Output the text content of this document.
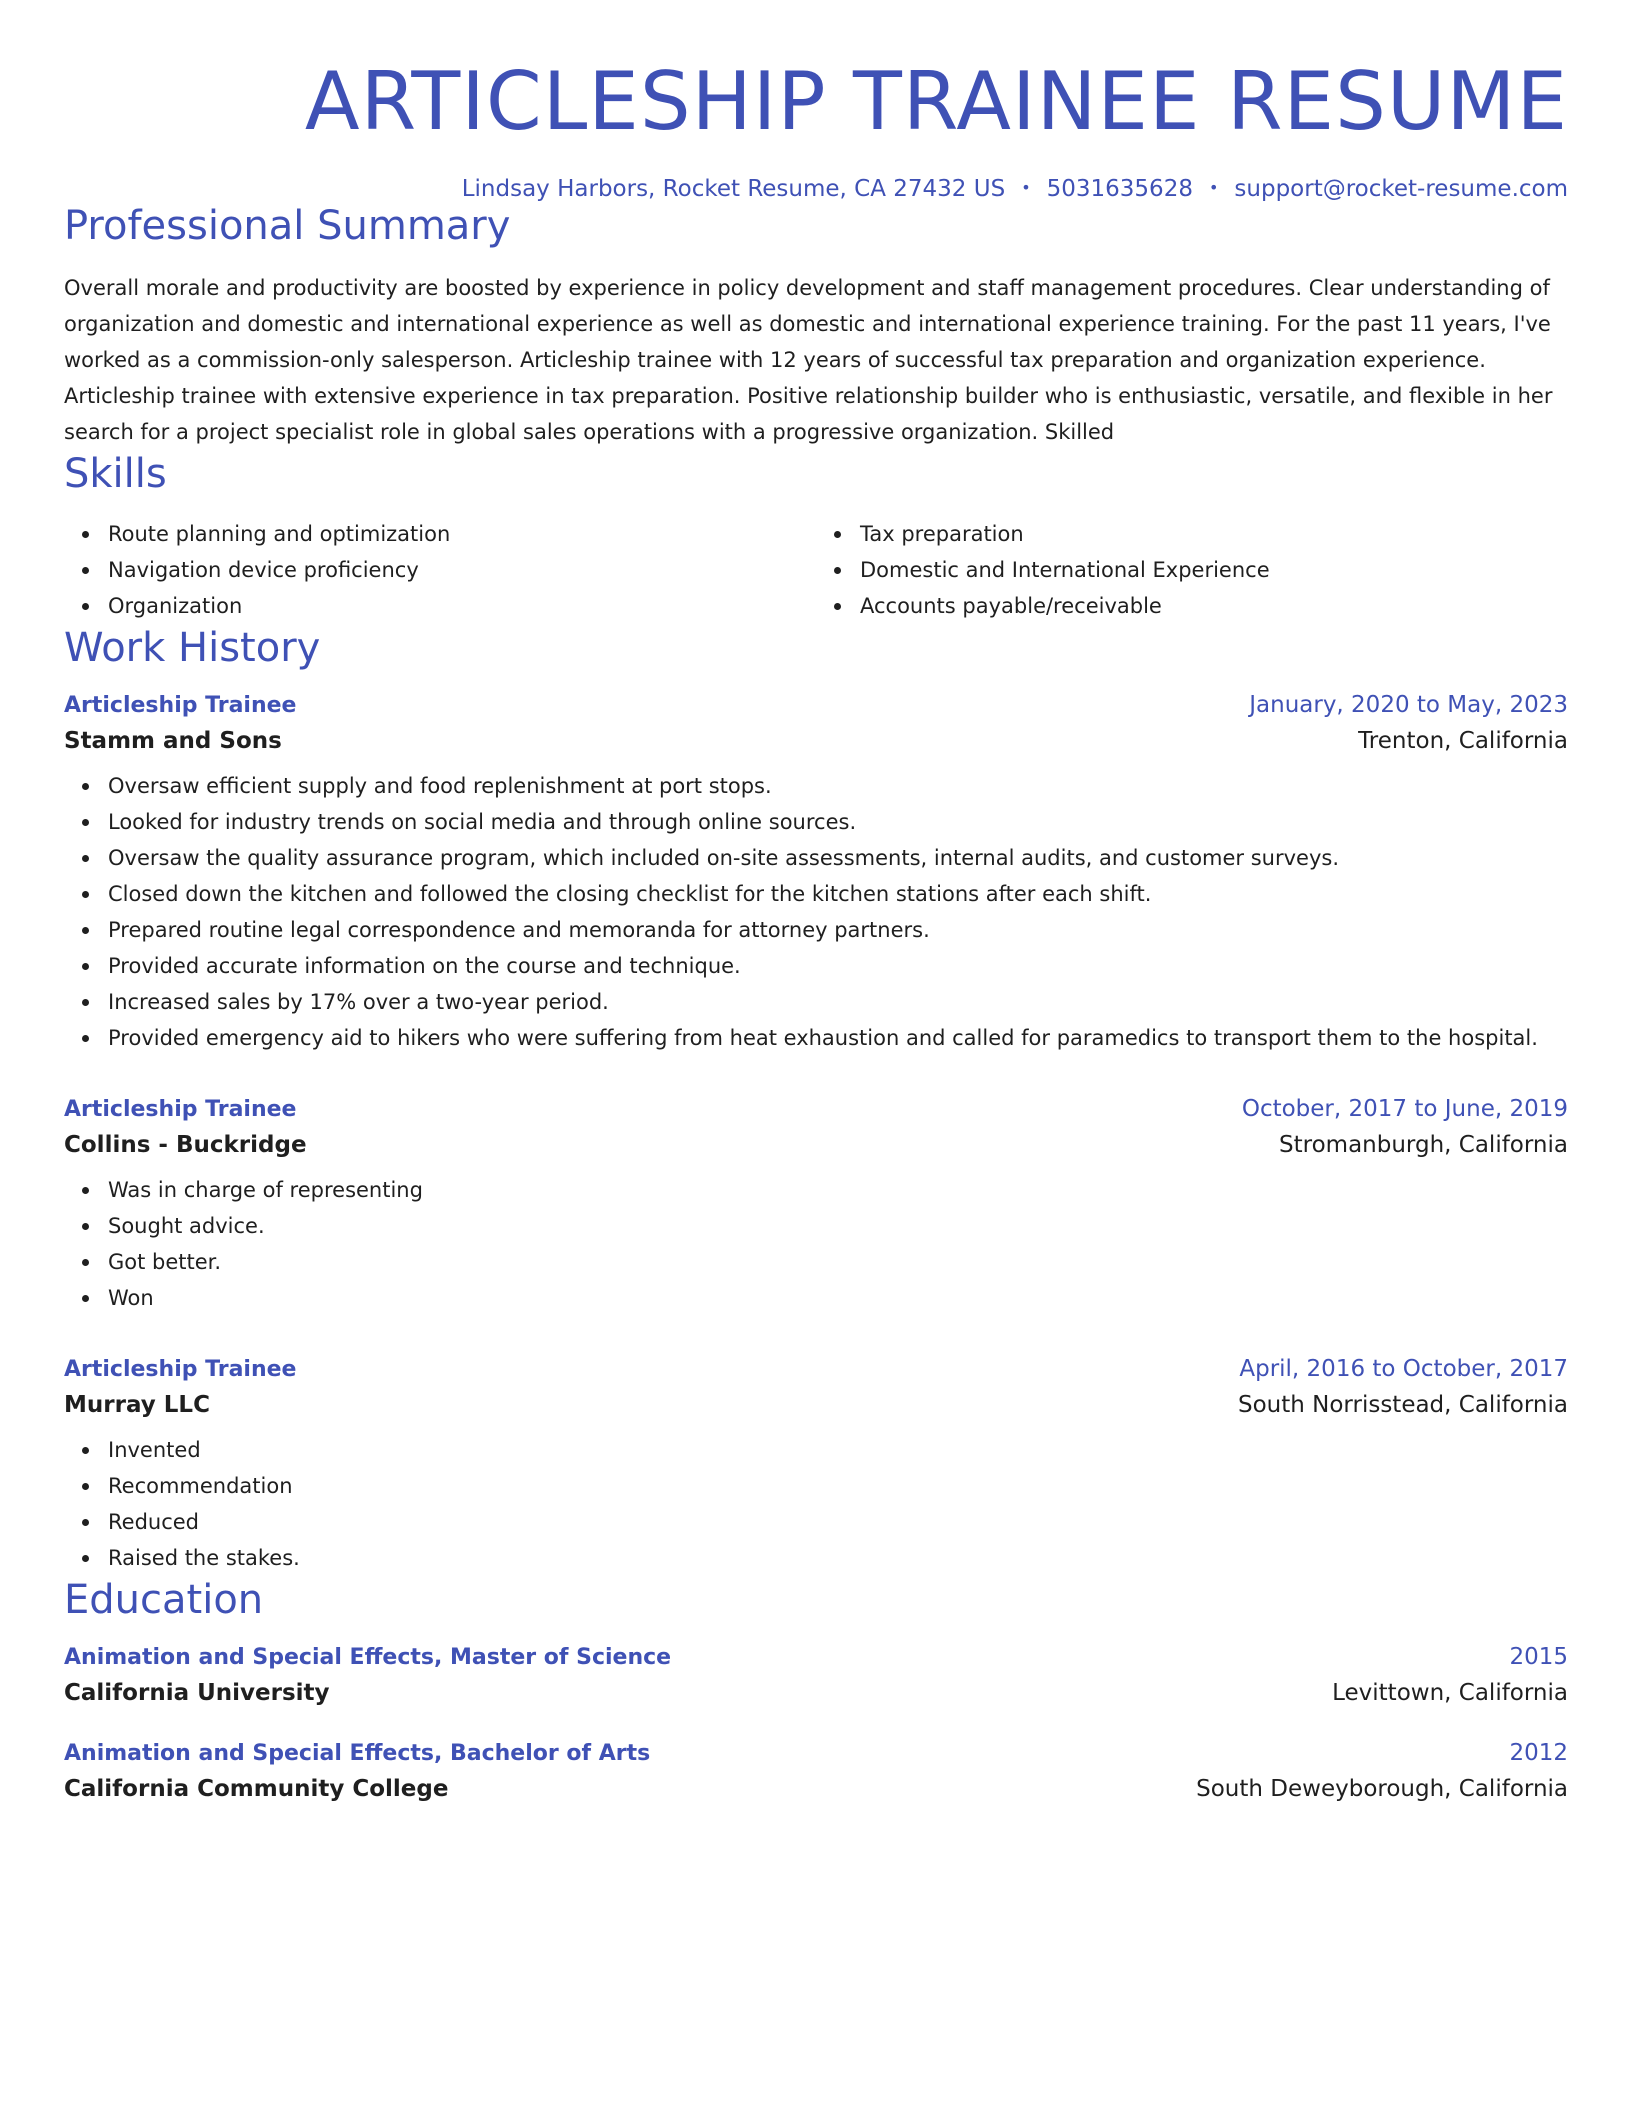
ARTICLESHIP TRAINEE RESUME
Lindsay Harbors, Rocket Resume, CA 27432 US • 5031635628 • support@rocket-resume.com
Professional Summary
Overall morale and productivity are boosted by experience in policy development and staff management procedures. Clear understanding of organization and domestic and international experience as well as domestic and international experience training. For the past 11 years, I've worked as a commission-only salesperson. Articleship trainee with 12 years of successful tax preparation and organization experience. Articleship trainee with extensive experience in tax preparation. Positive relationship builder who is enthusiastic, versatile, and flexible in her search for a project specialist role in global sales operations with a progressive organization. Skilled
Skills
Route planning and optimization
Navigation device proficiency
Organization
Tax preparation
Domestic and International Experience
Accounts payable/receivable
Work History
Articleship Trainee	January, 2020 to May, 2023
Stamm and Sons	Trenton, California
Oversaw efficient supply and food replenishment at port stops.
Looked for industry trends on social media and through online sources.
Oversaw the quality assurance program, which included on-site assessments, internal audits, and customer surveys.
Closed down the kitchen and followed the closing checklist for the kitchen stations after each shift.
Prepared routine legal correspondence and memoranda for attorney partners.
Provided accurate information on the course and technique.
Increased sales by 17% over a two-year period.
Provided emergency aid to hikers who were suffering from heat exhaustion and called for paramedics to transport them to the hospital.
Articleship Trainee	October, 2017 to June, 2019
Collins - Buckridge	Stromanburgh, California
Was in charge of representing
Sought advice.
Got better.
Won
Articleship Trainee	April, 2016 to October, 2017
Murray LLC	South Norrisstead, California
Invented
Recommendation
Reduced
Raised the stakes.
Education
Animation and Special Effects, Master of Science	2015
California University	Levittown, California
Animation and Special Effects, Bachelor of Arts	2012
California Community College	South Deweyborough, California
